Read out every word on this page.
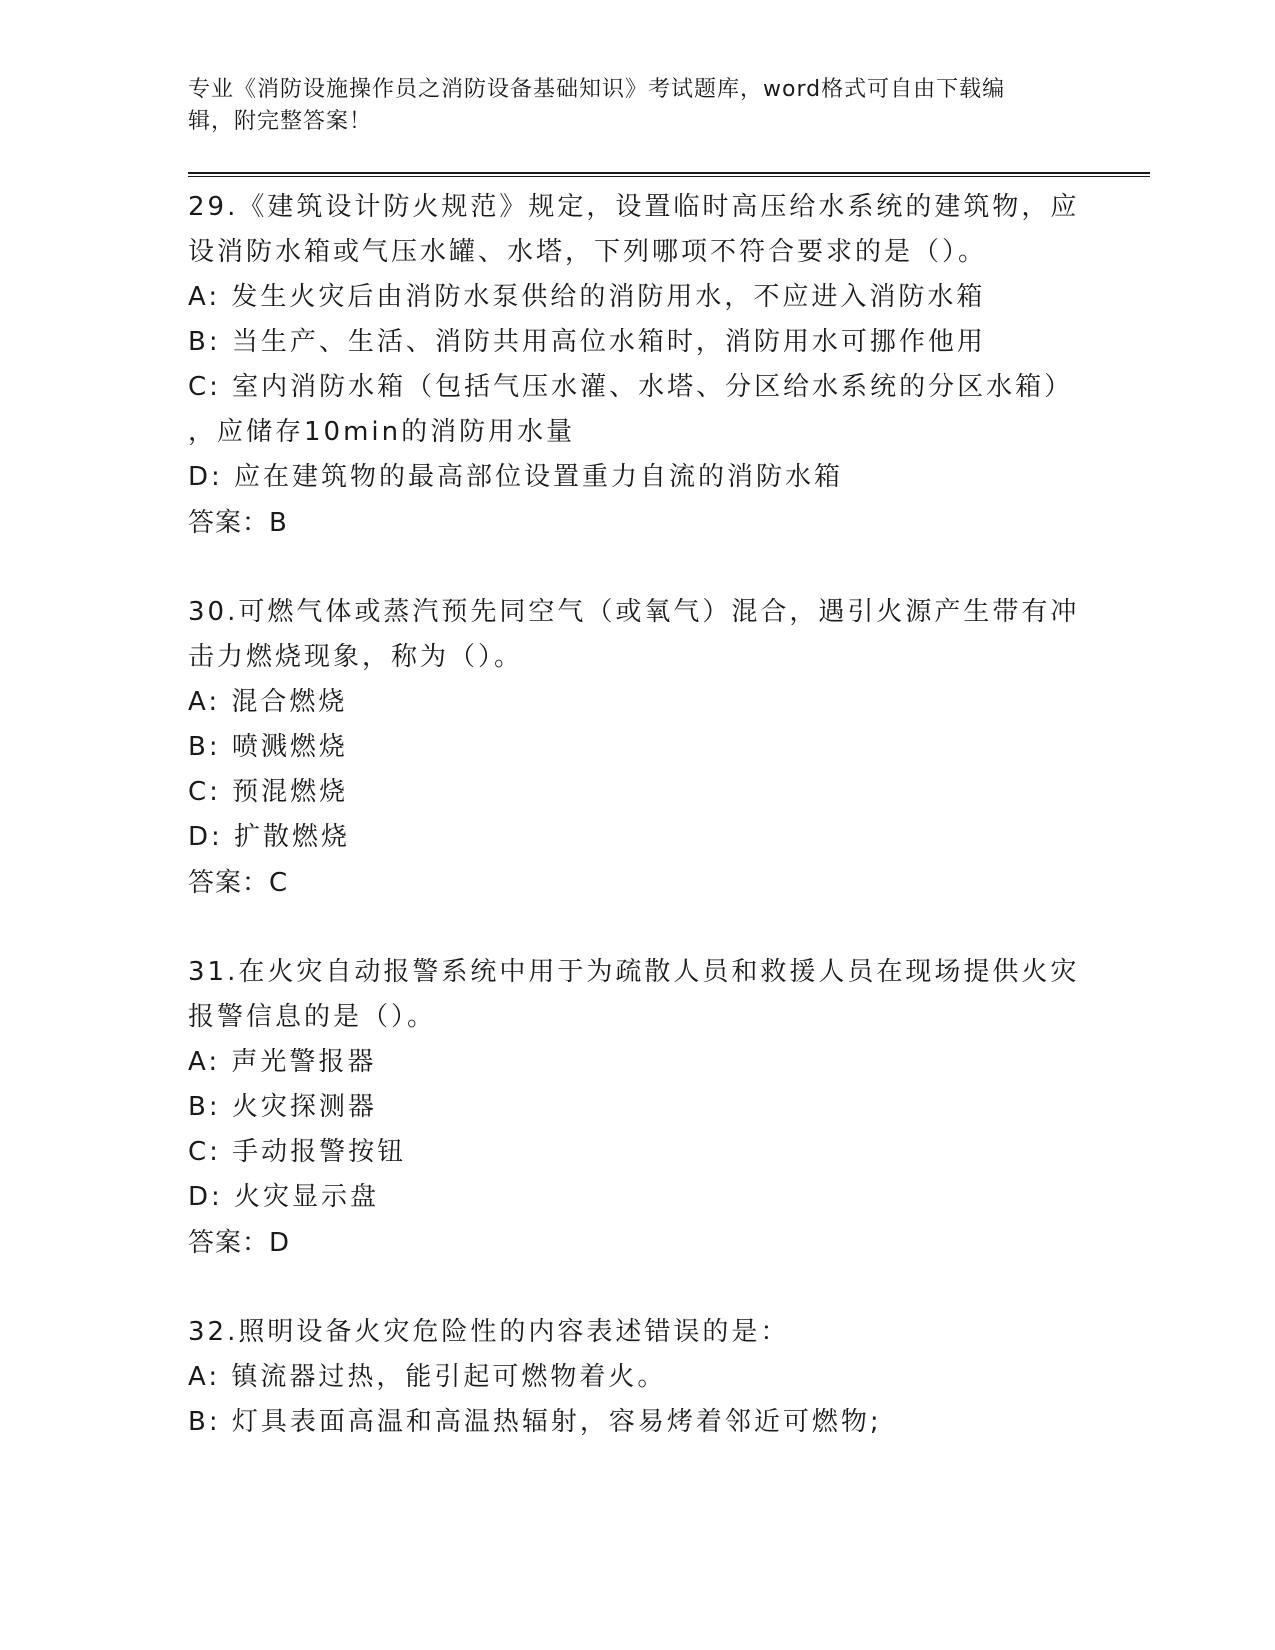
专业《消防设施操作员之消防设备基础知识》考试题库，word格式可自由下载编
辑，附完整答案！
29.《建筑设计防火规范》规定，设置临时高压给水系统的建筑物，应
设消防水箱或气压水罐、水塔，下列哪项不符合要求的是（）。
A: 发生火灾后由消防水泵供给的消防用水，不应进入消防水箱
B: 当生产、生活、消防共用高位水箱时，消防用水可挪作他用
C: 室内消防水箱（包括气压水灌、水塔、分区给水系统的分区水箱）
，应储存10min的消防用水量
D: 应在建筑物的最高部位设置重力自流的消防水箱
答案：B
30.可燃气体或蒸汽预先同空气（或氧气）混合，遇引火源产生带有冲
击力燃烧现象，称为（）。
A: 混合燃烧
B: 喷溅燃烧
C: 预混燃烧
D: 扩散燃烧
答案：C
31.在火灾自动报警系统中用于为疏散人员和救援人员在现场提供火灾
报警信息的是（）。
A: 声光警报器
B: 火灾探测器
C: 手动报警按钮
D: 火灾显示盘
答案：D
32.照明设备火灾危险性的内容表述错误的是：
A: 镇流器过热，能引起可燃物着火。
B: 灯具表面高温和高温热辐射，容易烤着邻近可燃物;
